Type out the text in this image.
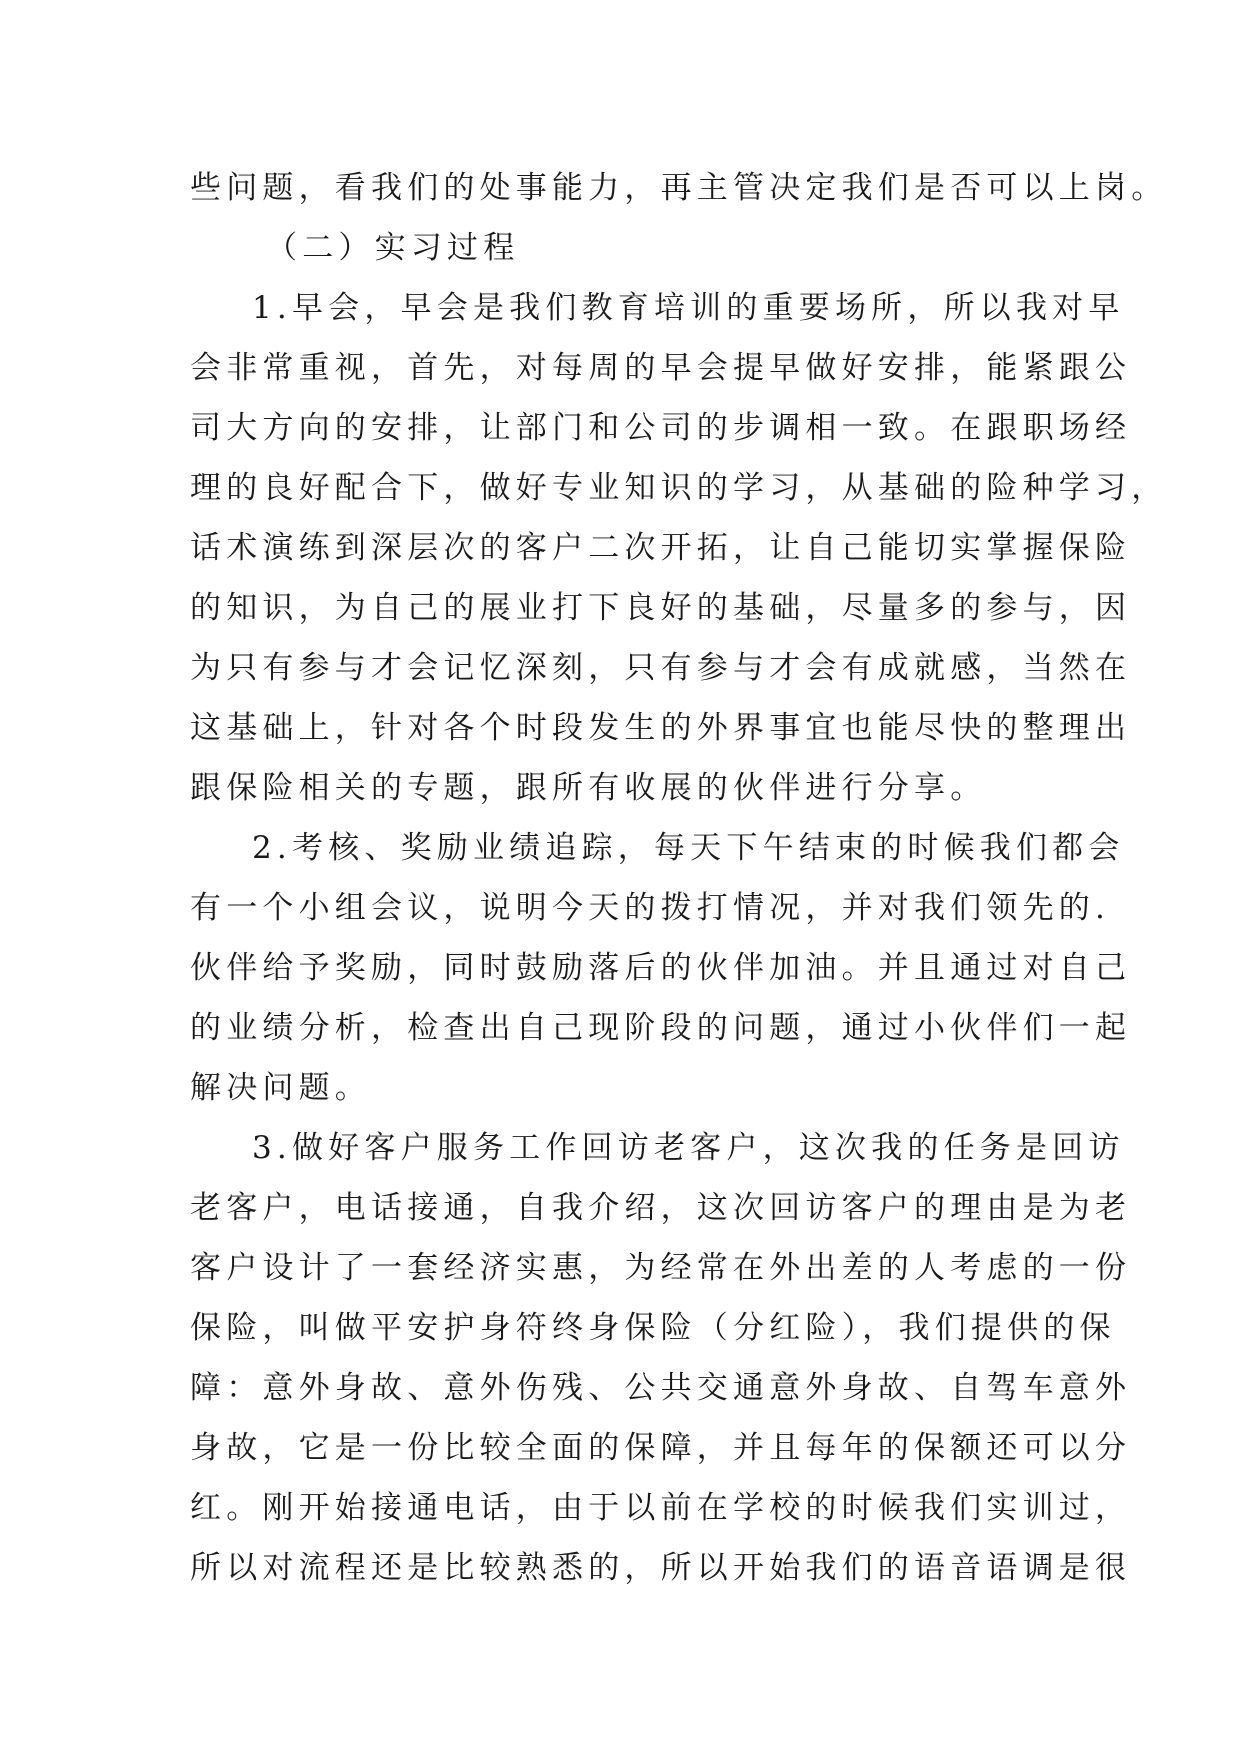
些问题，看我们的处事能力，再主管决定我们是否可以上岗。
（二）实习过程
1.早会，早会是我们教育培训的重要场所，所以我对早
会非常重视，首先，对每周的早会提早做好安排，能紧跟公
司大方向的安排，让部门和公司的步调相一致。在跟职场经
理的良好配合下，做好专业知识的学习，从基础的险种学习，
话术演练到深层次的客户二次开拓，让自己能切实掌握保险
的知识，为自己的展业打下良好的基础，尽量多的参与，因
为只有参与才会记忆深刻，只有参与才会有成就感，当然在
这基础上，针对各个时段发生的外界事宜也能尽快的整理出
跟保险相关的专题，跟所有收展的伙伴进行分享。
2.考核、奖励业绩追踪，每天下午结束的时候我们都会
有一个小组会议，说明今天的拨打情况，并对我们领先的.
伙伴给予奖励，同时鼓励落后的伙伴加油。并且通过对自己
的业绩分析，检查出自己现阶段的问题，通过小伙伴们一起
解决问题。
3.做好客户服务工作回访老客户，这次我的任务是回访
老客户，电话接通，自我介绍，这次回访客户的理由是为老
客户设计了一套经济实惠，为经常在外出差的人考虑的一份
保险，叫做平安护身符终身保险（分红险），我们提供的保
障：意外身故、意外伤残、公共交通意外身故、自驾车意外
身故，它是一份比较全面的保障，并且每年的保额还可以分
红。刚开始接通电话，由于以前在学校的时候我们实训过，
所以对流程还是比较熟悉的，所以开始我们的语音语调是很
